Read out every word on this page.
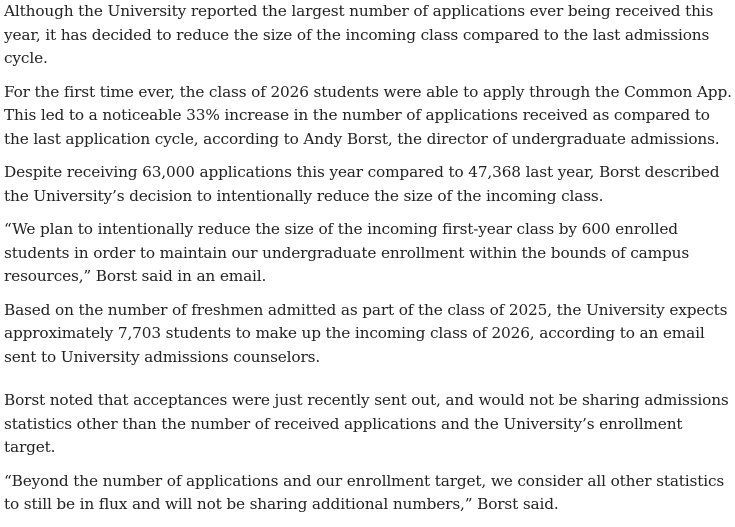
Although the University reported the largest number of applications ever being received this year, it has decided to reduce the size of the incoming class compared to the last admissions cycle.

For the first time ever, the class of 2026 students were able to apply through the Common App. This led to a noticeable 33% increase in the number of applications received as compared to the last application cycle, according to Andy Borst, the director of undergraduate admissions.

Despite receiving 63,000 applications this year compared to 47,368 last year, Borst described the University’s decision to intentionally reduce the size of the incoming class.

“We plan to intentionally reduce the size of the incoming first-year class by 600 enrolled students in order to maintain our undergraduate enrollment within the bounds of campus resources,” Borst said in an email.

Based on the number of freshmen admitted as part of the class of 2025, the University expects approximately 7,703 students to make up the incoming class of 2026, according to an email sent to University admissions counselors.

Borst noted that acceptances were just recently sent out, and would not be sharing admissions statistics other than the number of received applications and the University’s enrollment target.

“Beyond the number of applications and our enrollment target, we consider all other statistics to still be in flux and will not be sharing additional numbers,” Borst said.
